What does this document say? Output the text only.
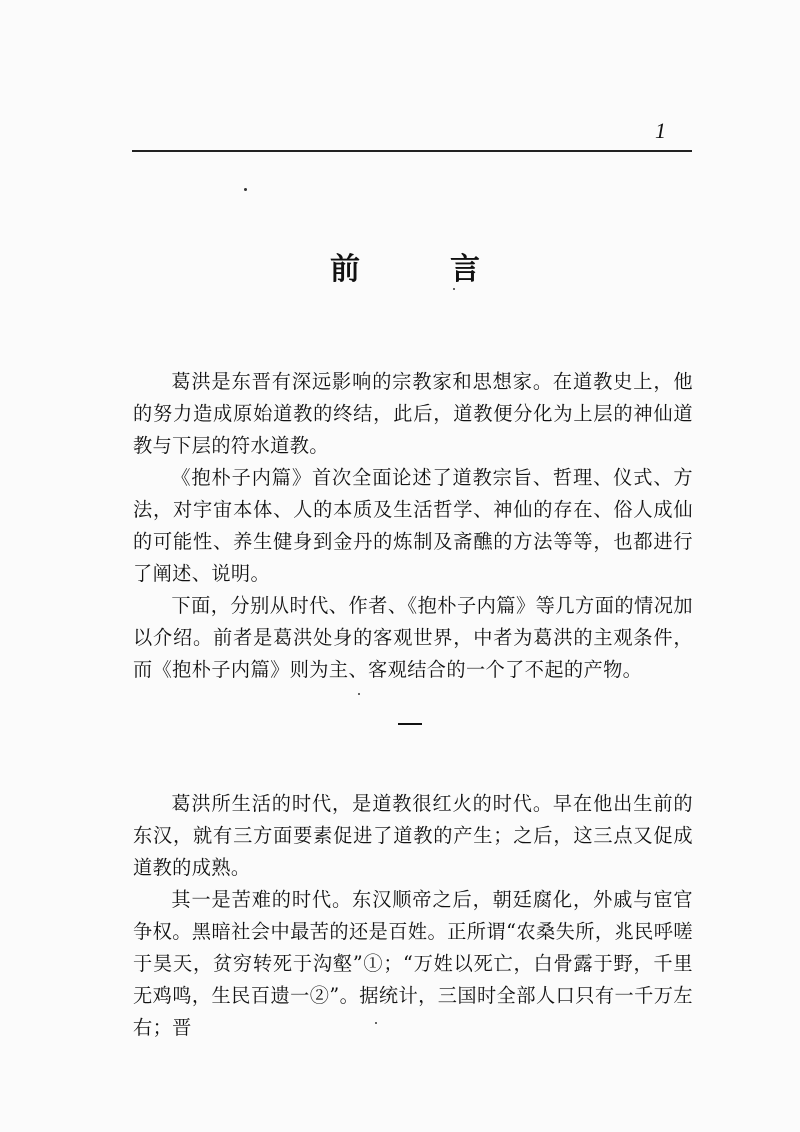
1
前	言

葛洪是东晋有深远影响的宗教家和思想家。在道教史上，他的努力造成原始道教的终结，此后，道教便分化为上层的神仙道教与下层的符水道教。

《抱朴子内篇》首次全面论述了道教宗旨、哲理、仪式、方法，对宇宙本体、人的本质及生活哲学、神仙的存在、俗人成仙的可能性、养生健身到金丹的炼制及斋醮的方法等等，也都进行了阐述、说明。

下面，分别从时代、作者、《抱朴子内篇》等几方面的情况加以介绍。前者是葛洪处身的客观世界，中者为葛洪的主观条件，而《抱朴子内篇》则为主、客观结合的一个了不起的产物。

葛洪所生活的时代，是道教很红火的时代。早在他出生前的东汉，就有三方面要素促进了道教的产生；之后，这三点又促成道教的成熟。

其一是苦难的时代。东汉顺帝之后，朝廷腐化，外戚与宦官争权。黑暗社会中最苦的还是百姓。正所谓“农桑失所，兆民呼嗟于昊天，贫穷转死于沟壑”①；“万姓以死亡，白骨露于野，千里无鸡鸣，生民百遗一②”。据统计，三国时全部人口只有一千万左右；晋
